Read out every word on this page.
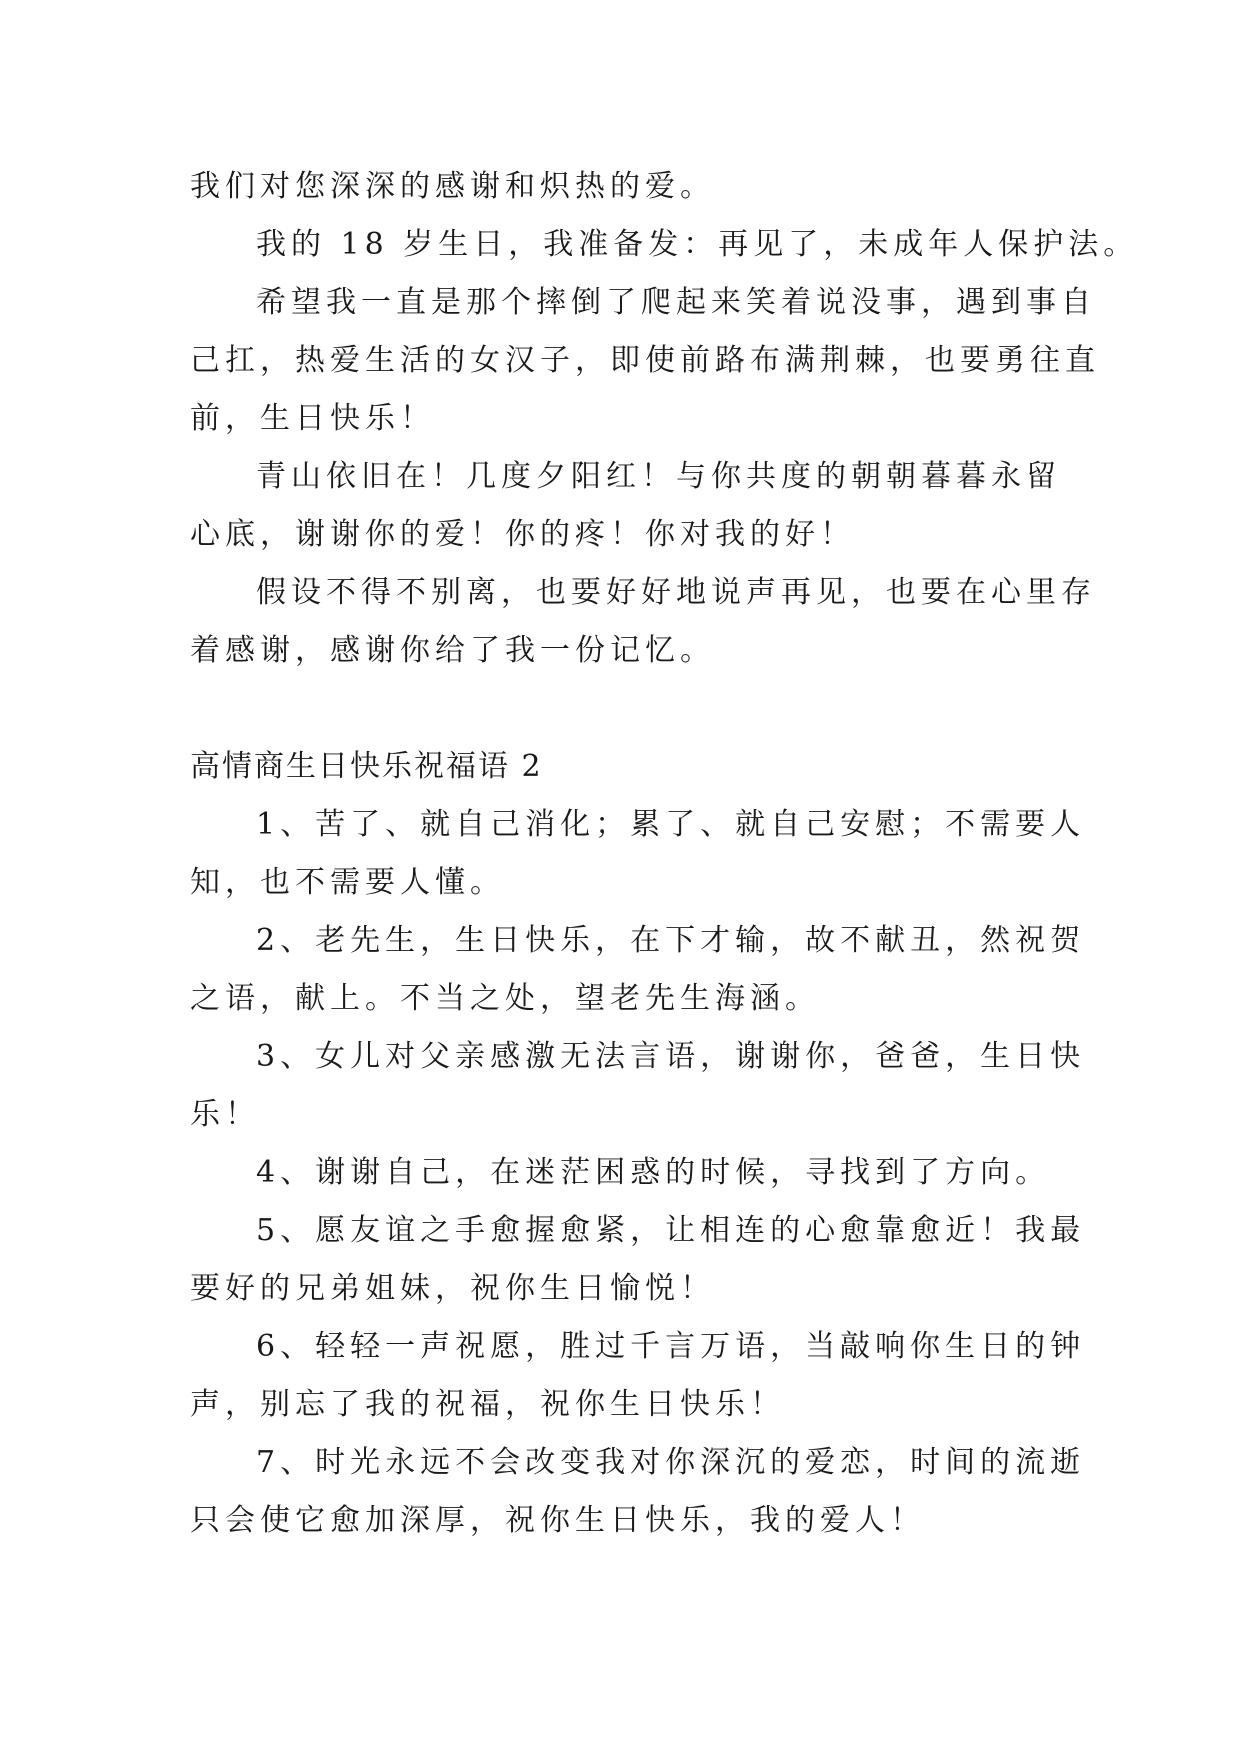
我们对您深深的感谢和炽热的爱。
我的 18 岁生日，我准备发：再见了，未成年人保护法。
希望我一直是那个摔倒了爬起来笑着说没事，遇到事自
己扛，热爱生活的女汉子，即使前路布满荆棘，也要勇往直
前，生日快乐！
青山依旧在！几度夕阳红！与你共度的朝朝暮暮永留
心底，谢谢你的爱！你的疼！你对我的好！
假设不得不别离，也要好好地说声再见，也要在心里存
着感谢，感谢你给了我一份记忆。
高情商生日快乐祝福语 2
1、苦了、就自己消化；累了、就自己安慰；不需要人
知，也不需要人懂。
2、老先生，生日快乐，在下才输，故不献丑，然祝贺
之语，献上。不当之处，望老先生海涵。
3、女儿对父亲感激无法言语，谢谢你，爸爸，生日快
乐！
4、谢谢自己，在迷茫困惑的时候，寻找到了方向。
5、愿友谊之手愈握愈紧，让相连的心愈靠愈近！我最
要好的兄弟姐妹，祝你生日愉悦！
6、轻轻一声祝愿，胜过千言万语，当敲响你生日的钟
声，别忘了我的祝福，祝你生日快乐！
7、时光永远不会改变我对你深沉的爱恋，时间的流逝
只会使它愈加深厚，祝你生日快乐，我的爱人！
